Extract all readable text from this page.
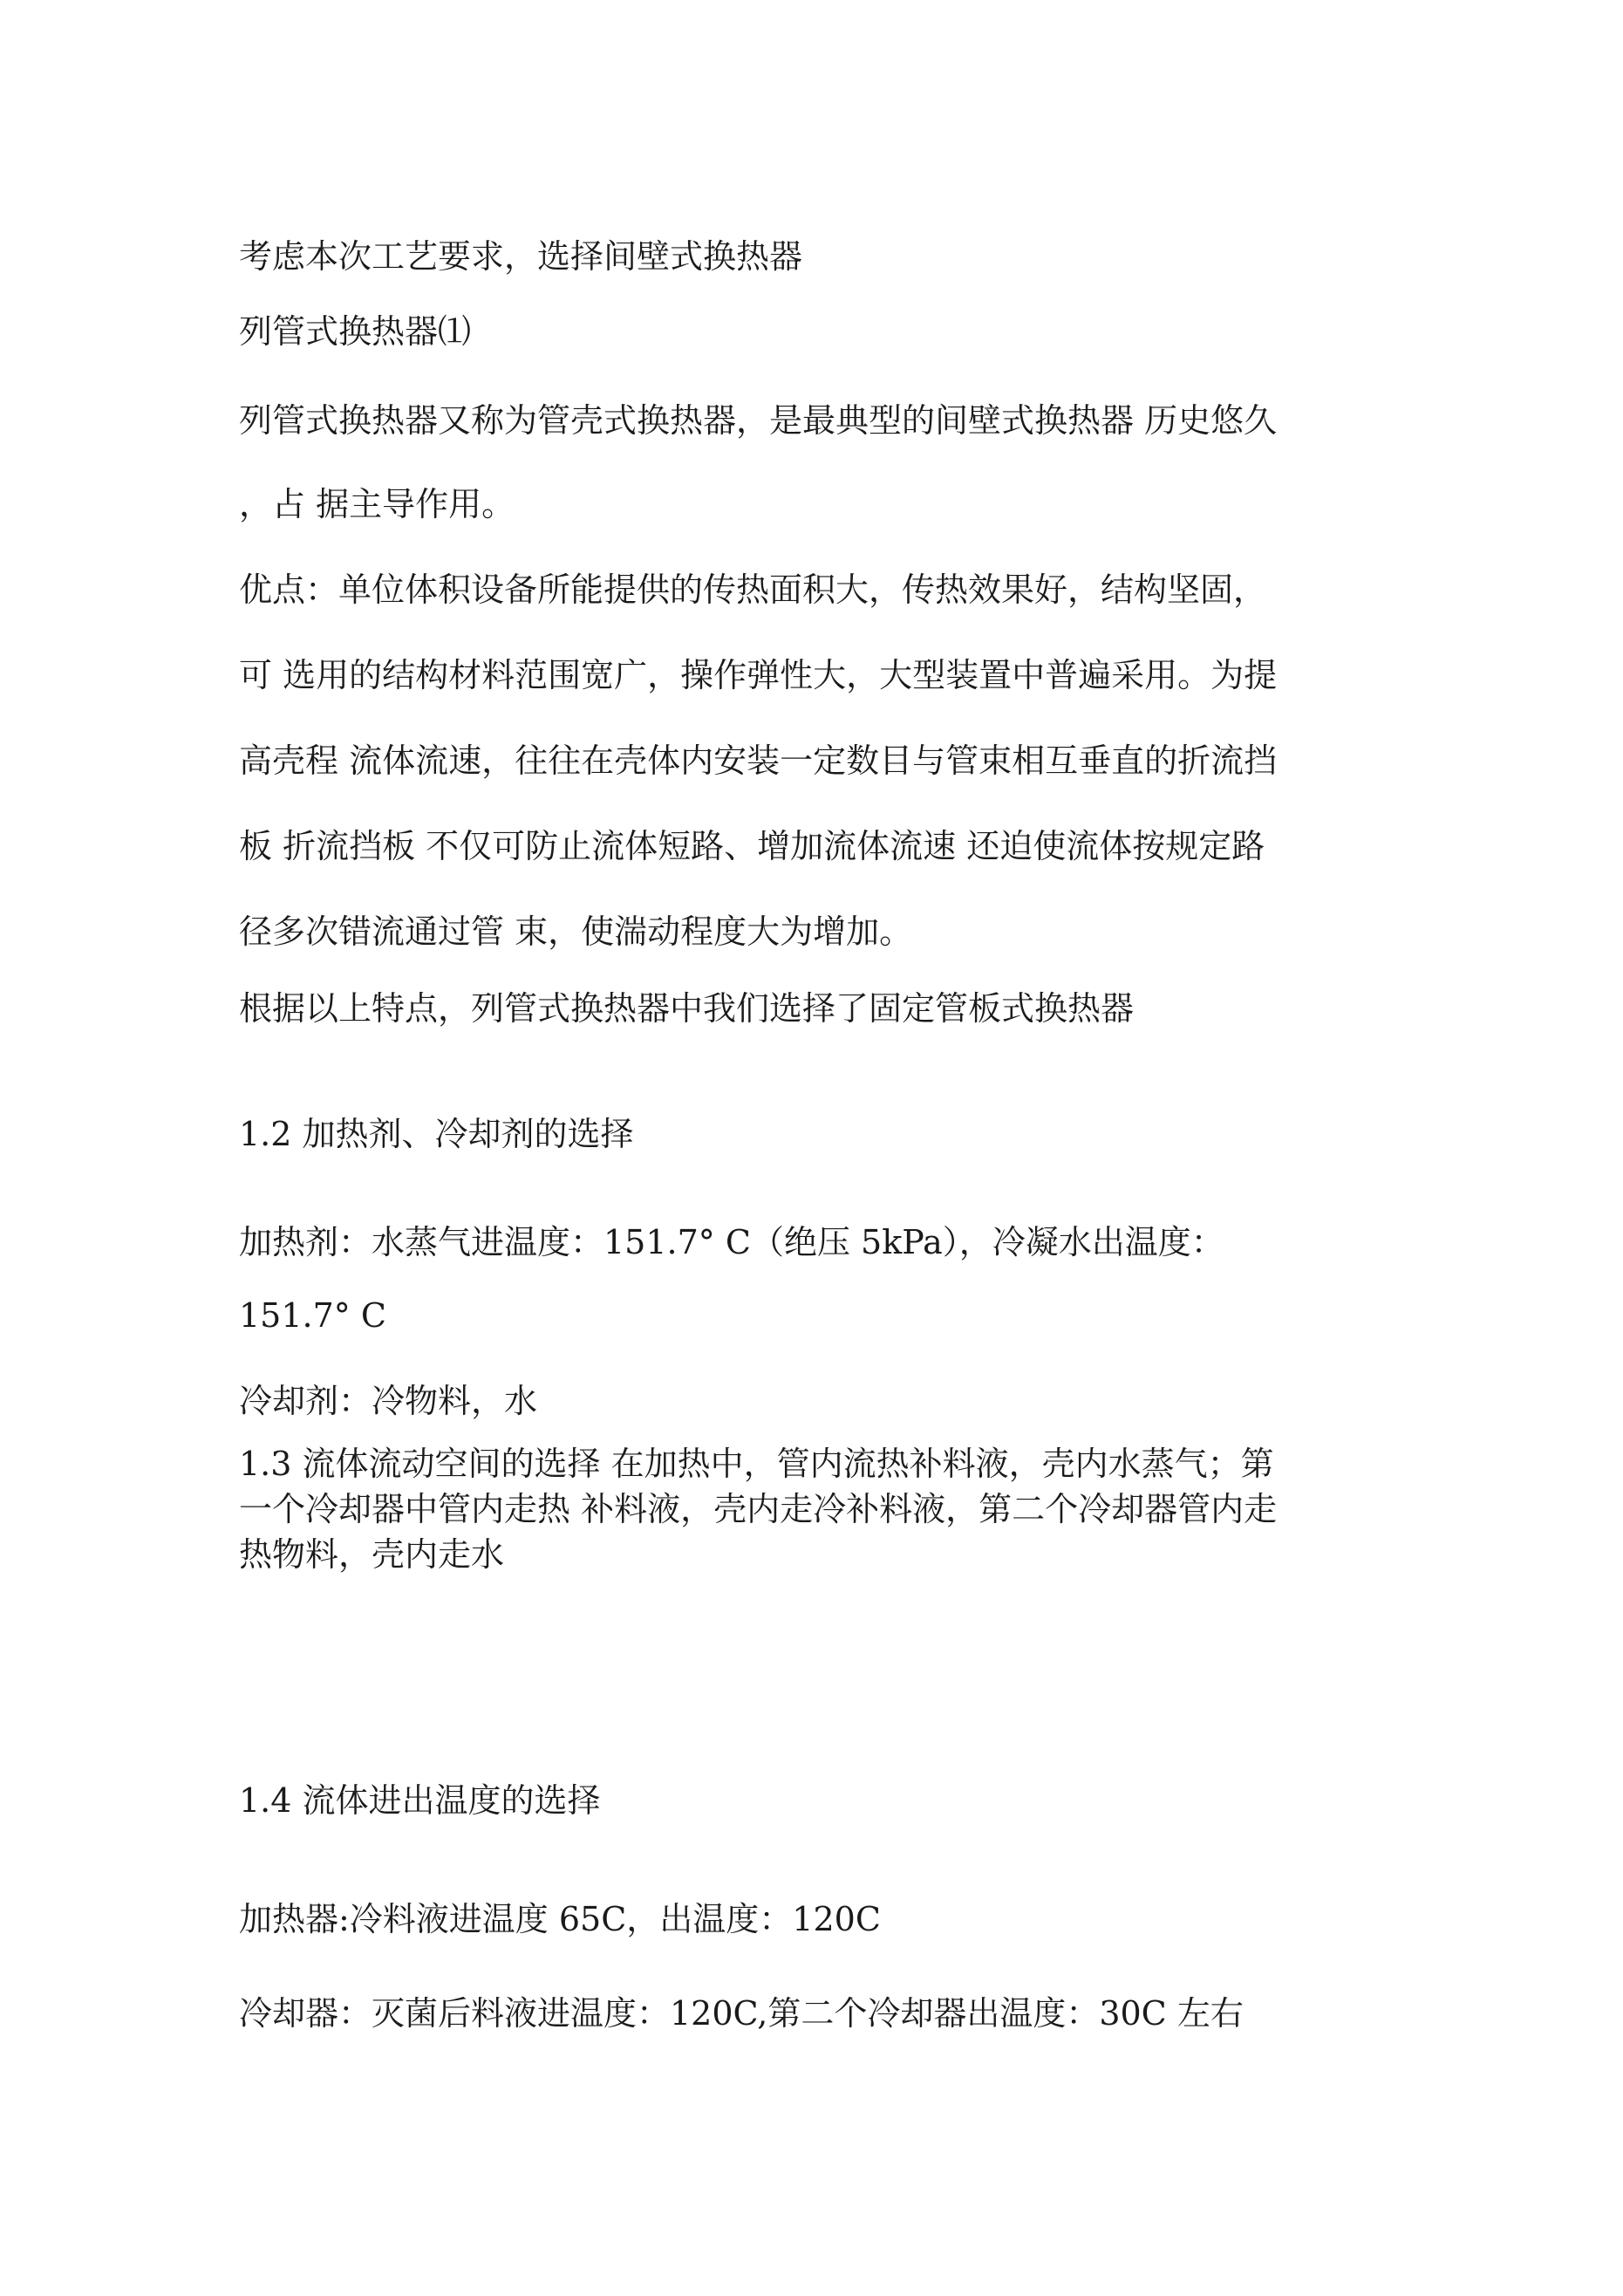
考虑本次工艺要求，选择间壁式换热器

列管式换热器⑴

列管式换热器又称为管壳式换热器，是最典型的间壁式换热器 历史悠久

，占 据主导作用。

优点：单位体积设备所能提供的传热面积大，传热效果好，结构坚固，

可 选用的结构材料范围宽广，操作弹性大，大型装置中普遍采用。为提

高壳程 流体流速，往往在壳体内安装一定数目与管束相互垂直的折流挡

板 折流挡板 不仅可防止流体短路、增加流体流速 还迫使流体按规定路

径多次错流通过管 束，使湍动程度大为增加。

根据以上特点，列管式换热器中我们选择了固定管板式换热器

1.2 加热剂、冷却剂的选择

加热剂：水蒸气进温度：151.7° C（绝压 5kPa），冷凝水出温度：

151.7° C

冷却剂：冷物料，水

1.3 流体流动空间的选择 在加热中，管内流热补料液，壳内水蒸气；第
一个冷却器中管内走热 补料液，壳内走冷补料液，第二个冷却器管内走
热物料，壳内走水

1.4 流体进出温度的选择

加热器:冷料液进温度 65C，出温度：120C

冷却器：灭菌后料液进温度：120C,第二个冷却器出温度：30C 左右
